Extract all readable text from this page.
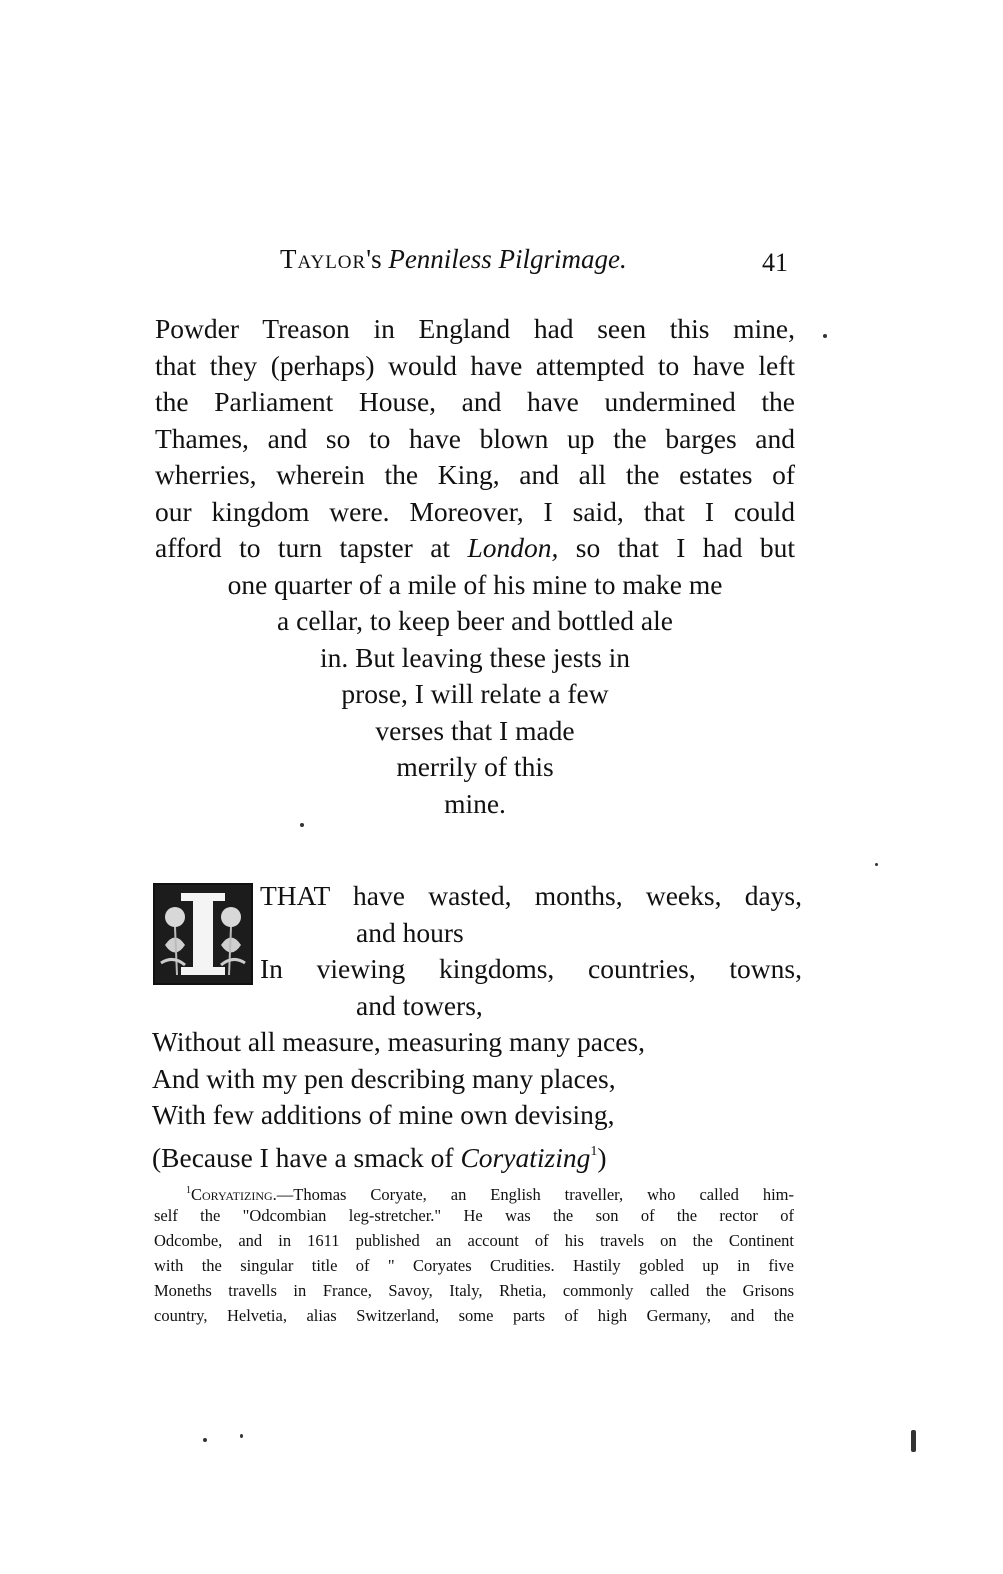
Taylor's Penniless Pilgrimage.	41
Powder Treason in England had seen this mine,
that they (perhaps) would have attempted to have left
the Parliament House, and have undermined the
Thames, and so to have blown up the barges and
wherries, wherein the King, and all the estates of
our kingdom were. Moreover, I said, that I could
afford to turn tapster at London, so that I had but
one quarter of a mile of his mine to make me
a cellar, to keep beer and bottled ale
in. But leaving these jests in
prose, I will relate a few
verses that I made
merrily of this
mine.
THAT have wasted, months, weeks, days,
and hours
In viewing kingdoms, countries, towns,
and towers,
Without all measure, measuring many paces,
And with my pen describing many places,
With few additions of mine own devising,
(Because I have a smack of Coryatizing$^1$)
$^1$Coryatizing.—Thomas Coryate, an English traveller, who called him-
self the "Odcombian leg-stretcher." He was the son of the rector of
Odcombe, and in 1611 published an account of his travels on the Continent
with the singular title of " Coryates Crudities. Hastily gobled up in five
Moneths travells in France, Savoy, Italy, Rhetia, commonly called the Grisons
country, Helvetia, alias Switzerland, some parts of high Germany, and the
